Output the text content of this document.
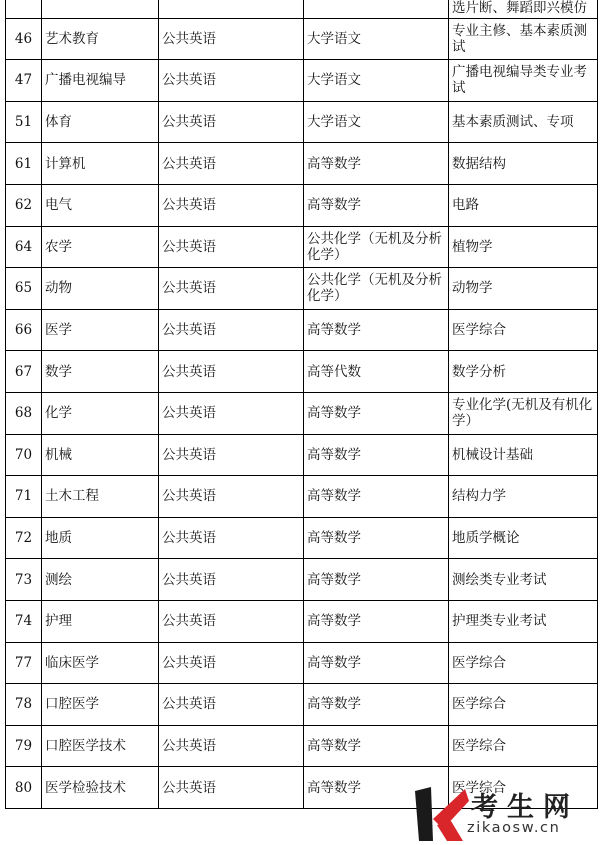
				选片断、舞蹈即兴模仿
46	艺术教育	公共英语	大学语文	专业主修、基本素质测试
47	广播电视编导	公共英语	大学语文	广播电视编导类专业考试
51	体育	公共英语	大学语文	基本素质测试、专项
61	计算机	公共英语	高等数学	数据结构
62	电气	公共英语	高等数学	电路
64	农学	公共英语	公共化学（无机及分析化学）	植物学
65	动物	公共英语	公共化学（无机及分析化学）	动物学
66	医学	公共英语	高等数学	医学综合
67	数学	公共英语	高等代数	数学分析
68	化学	公共英语	高等数学	专业化学(无机及有机化学）
70	机械	公共英语	高等数学	机械设计基础
71	土木工程	公共英语	高等数学	结构力学
72	地质	公共英语	高等数学	地质学概论
73	测绘	公共英语	高等数学	测绘类专业考试
74	护理	公共英语	高等数学	护理类专业考试
77	临床医学	公共英语	高等数学	医学综合
78	口腔医学	公共英语	高等数学	医学综合
79	口腔医学技术	公共英语	高等数学	医学综合
80	医学检验技术	公共英语	高等数学	医学综合
考生网
zikaosw.cn
